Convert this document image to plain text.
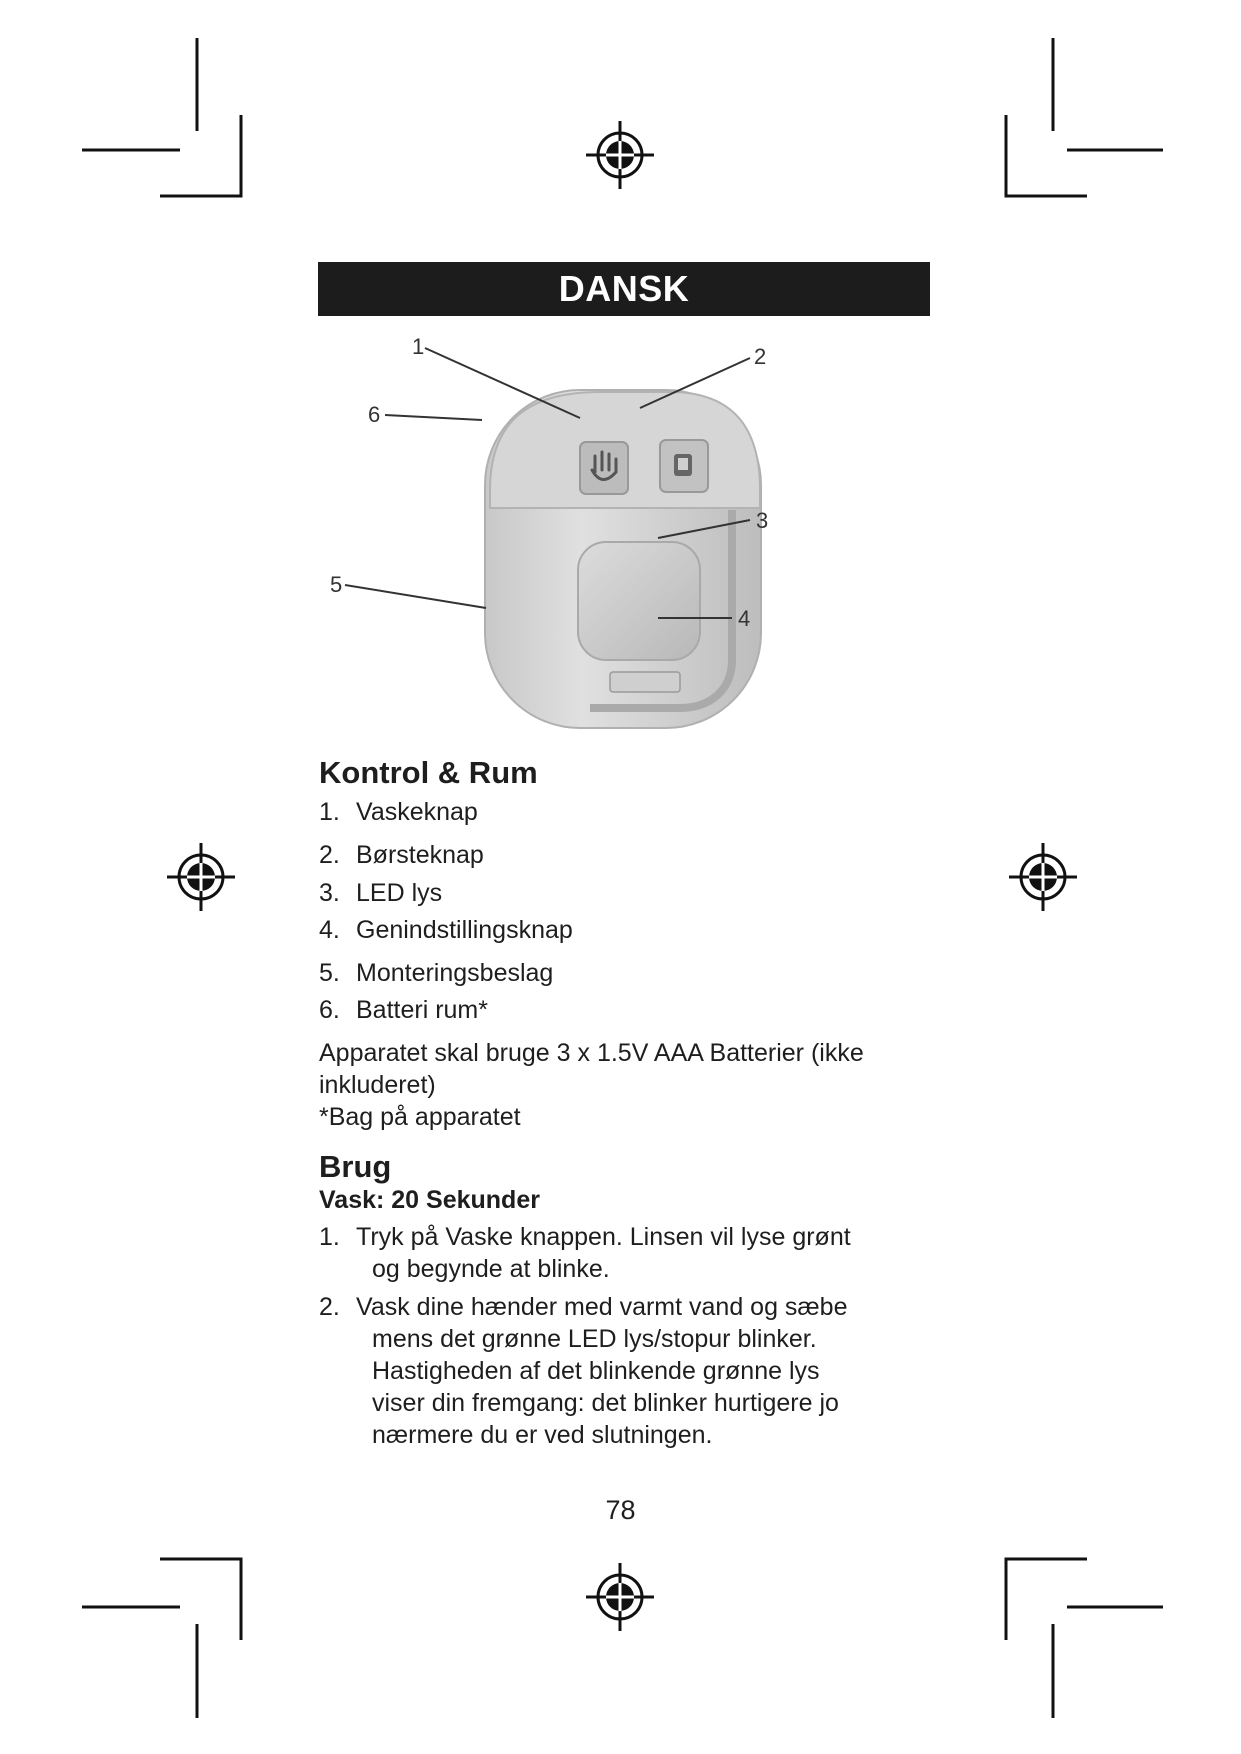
DANSK
1	2
3
4
5
6
Kontrol & Rum
1. Vaskeknap
2. Børsteknap
3. LED lys
4. Genindstillingsknap
5. Monteringsbeslag
6. Batteri rum*
Apparatet skal bruge 3 x 1.5V AAA Batterier (ikke
inkluderet)
*Bag på apparatet
Brug
Vask: 20 Sekunder
1. Tryk på Vaske knappen. Linsen vil lyse grønt
og begynde at blinke.
2. Vask dine hænder med varmt vand og sæbe
mens det grønne LED lys/stopur blinker.
Hastigheden af det blinkende grønne lys
viser din fremgang: det blinker hurtigere jo
nærmere du er ved slutningen.
78
